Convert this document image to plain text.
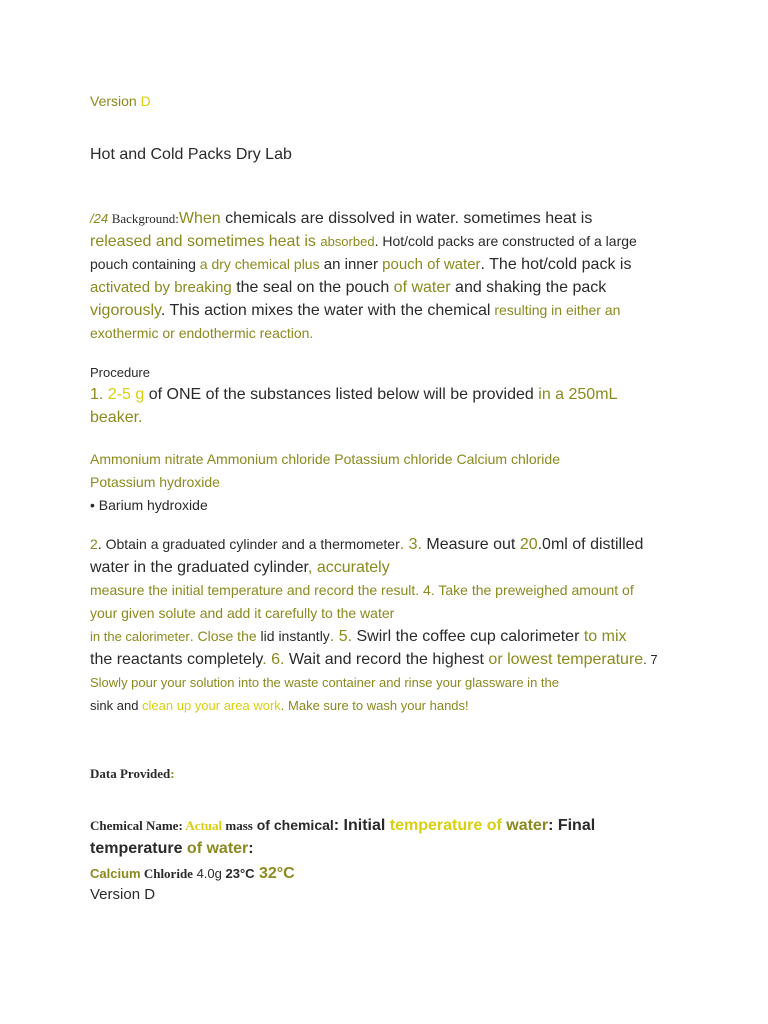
Version D
Hot and Cold Packs Dry Lab

/24 Background:When chemicals are dissolved in water. sometimes heat is

released and sometimes heat is absorbed. Hot/cold packs are constructed of a large

pouch containing a dry chemical plus an inner pouch of water. The hot/cold pack is

activated by breaking the seal on the pouch of water and shaking the pack

vigorously. This action mixes the water with the chemical resulting in either an

exothermic or endothermic reaction.

Procedure

1. 2-5 g of ONE of the substances listed below will be provided in a 250mL

beaker.

Ammonium nitrate Ammonium chloride Potassium chloride Calcium chloride

Potassium hydroxide

• Barium hydroxide

2. Obtain a graduated cylinder and a thermometer. 3. Measure out 20.0ml of distilled

water in the graduated cylinder, accurately

measure the initial temperature and record the result. 4. Take the preweighed amount of

your given solute and add it carefully to the water

in the calorimeter. Close the lid instantly. 5. Swirl the coffee cup calorimeter to mix

the reactants completely. 6. Wait and record the highest or lowest temperature. 7

Slowly pour your solution into the waste container and rinse your glassware in the

sink and clean up your area work. Make sure to wash your hands!

Data Provided:

Chemical Name: Actual mass of chemical: Initial temperature of water: Final

temperature of water:

Calcium Chloride 4.0g 23°C 32°C

Version D
